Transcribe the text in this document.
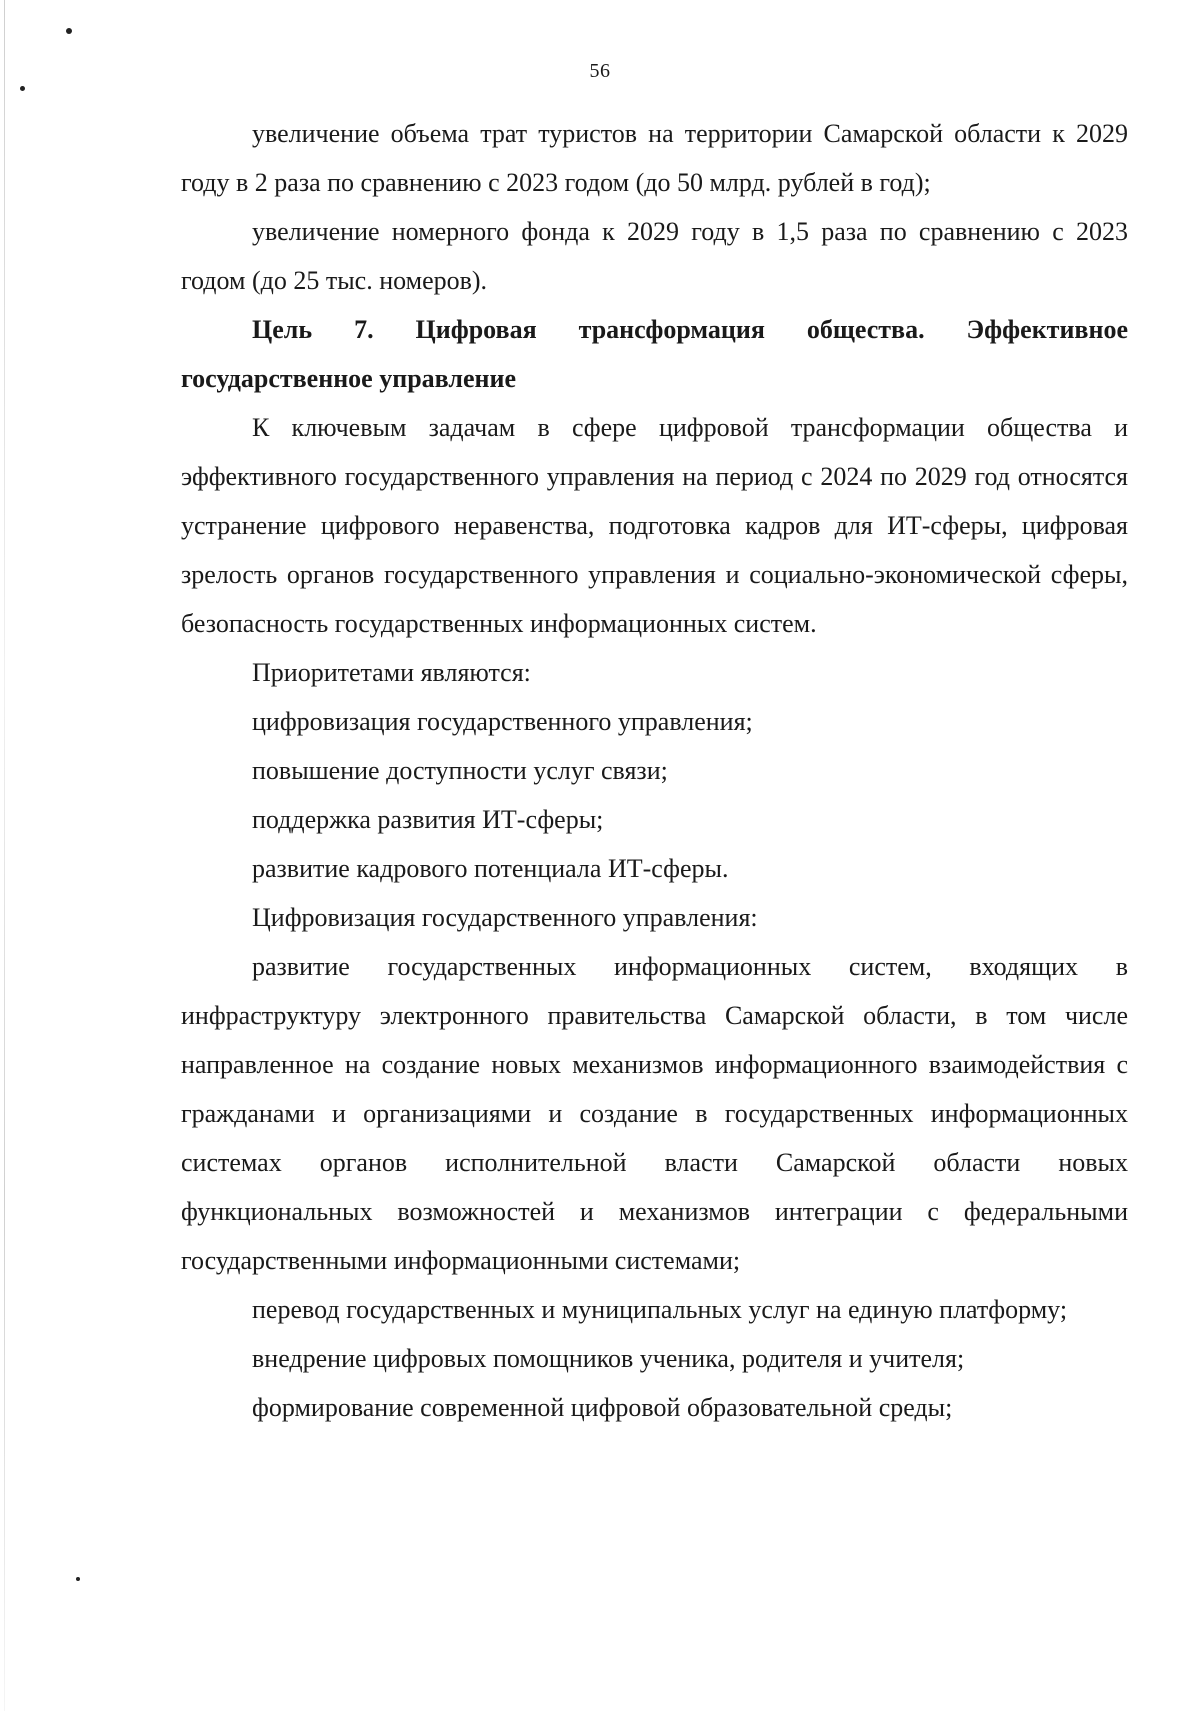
56

увеличение объема трат туристов на территории Самарской области к 2029 году в 2 раза по сравнению с 2023 годом (до 50 млрд. рублей в год);

увеличение номерного фонда к 2029 году в 1,5 раза по сравнению с 2023 годом (до 25 тыс. номеров).

Цель 7. Цифровая трансформация общества. Эффективное государственное управление

К ключевым задачам в сфере цифровой трансформации общества и эффективного государственного управления на период с 2024 по 2029 год относятся устранение цифрового неравенства, подготовка кадров для ИТ-сферы, цифровая зрелость органов государственного управления и социально-экономической сферы, безопасность государственных информационных систем.

Приоритетами являются:

цифровизация государственного управления;

повышение доступности услуг связи;

поддержка развития ИТ-сферы;

развитие кадрового потенциала ИТ-сферы.

Цифровизация государственного управления:

развитие государственных информационных систем, входящих в инфраструктуру электронного правительства Самарской области, в том числе направленное на создание новых механизмов информационного взаимодействия с гражданами и организациями и создание в государственных информационных системах органов исполнительной власти Самарской области новых функциональных возможностей и механизмов интеграции с федеральными государственными информационными системами;

перевод государственных и муниципальных услуг на единую платформу;

внедрение цифровых помощников ученика, родителя и учителя;

формирование современной цифровой образовательной среды;
